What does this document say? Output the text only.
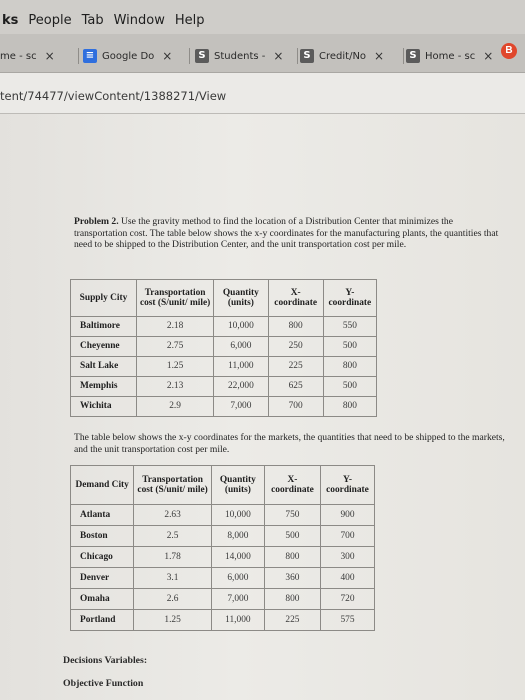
ks People Tab Window Help
me - sc ×	≡ Google Do ×	S Students - ×	S Credit/No ×	S Home - sc ×	B
tent/74477/viewContent/1388271/View
Problem 2. Use the gravity method to find the location of a Distribution Center that minimizes the transportation cost. The table below shows the x-y coordinates for the manufacturing plants, the quantities that need to be shipped to the Distribution Center, and the unit transportation cost per mile.
Supply City	Transportation cost (S/unit/ mile)	Quantity (units)	X-coordinate	Y-coordinate
Baltimore	2.18	10,000	800	550
Cheyenne	2.75	6,000	250	500
Salt Lake	1.25	11,000	225	800
Memphis	2.13	22,000	625	500
Wichita	2.9	7,000	700	800
The table below shows the x-y coordinates for the markets, the quantities that need to be shipped to the markets, and the unit transportation cost per mile.
Demand City	Transportation cost (S/unit/ mile)	Quantity (units)	X-coordinate	Y-coordinate
Atlanta	2.63	10,000	750	900
Boston	2.5	8,000	500	700
Chicago	1.78	14,000	800	300
Denver	3.1	6,000	360	400
Omaha	2.6	7,000	800	720
Portland	1.25	11,000	225	575
Decisions Variables:
Objective Function
